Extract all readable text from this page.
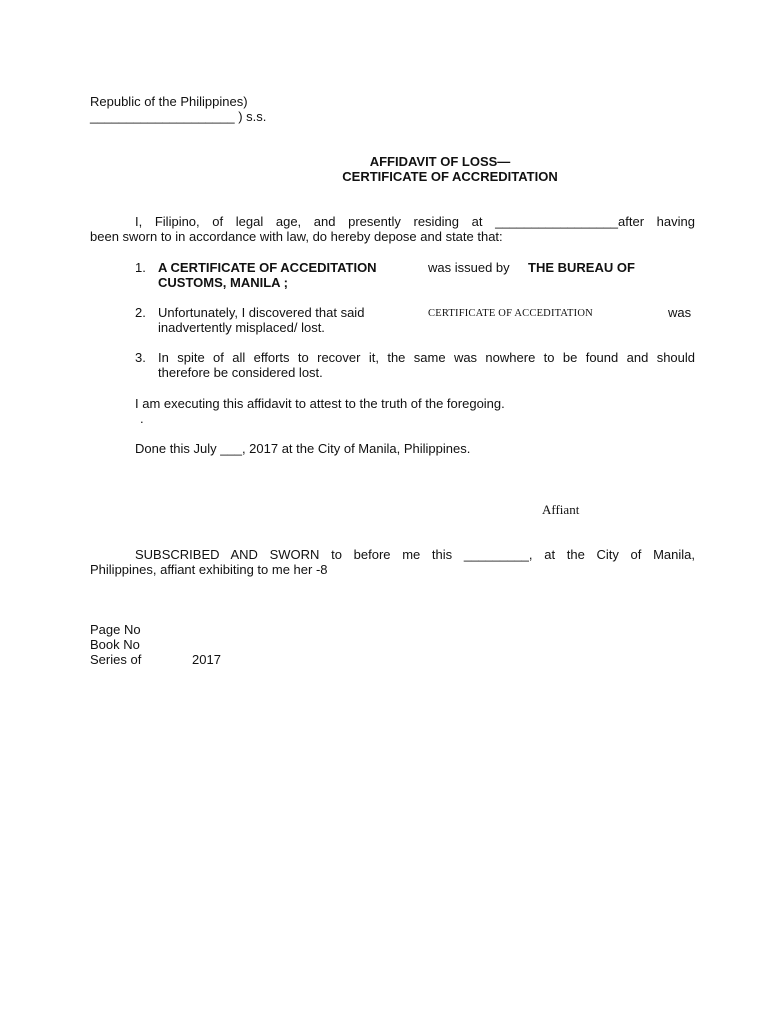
Republic of the Philippines)
____________________ ) s.s.
AFFIDAVIT OF LOSS—
CERTIFICATE OF ACCREDITATION
I, Filipino, of legal age, and presently residing at _________________after having
been sworn to in accordance with law, do hereby depose and state that:
1. A CERTIFICATE OF ACCEDITATION	was issued by THE BUREAU OF
CUSTOMS, MANILA ;
2. Unfortunately, I discovered that said	CERTIFICATE OF ACCEDITATION	was
inadvertently misplaced/ lost.
3. In spite of all efforts to recover it, the same was nowhere to be found and should
therefore be considered lost.
I am executing this affidavit to attest to the truth of the foregoing.
.
Done this July ___, 2017 at the City of Manila, Philippines.
Affiant
SUBSCRIBED AND SWORN to before me this _________, at the City of Manila,
Philippines, affiant exhibiting to me her -8
Page No
Book No
Series of	2017
